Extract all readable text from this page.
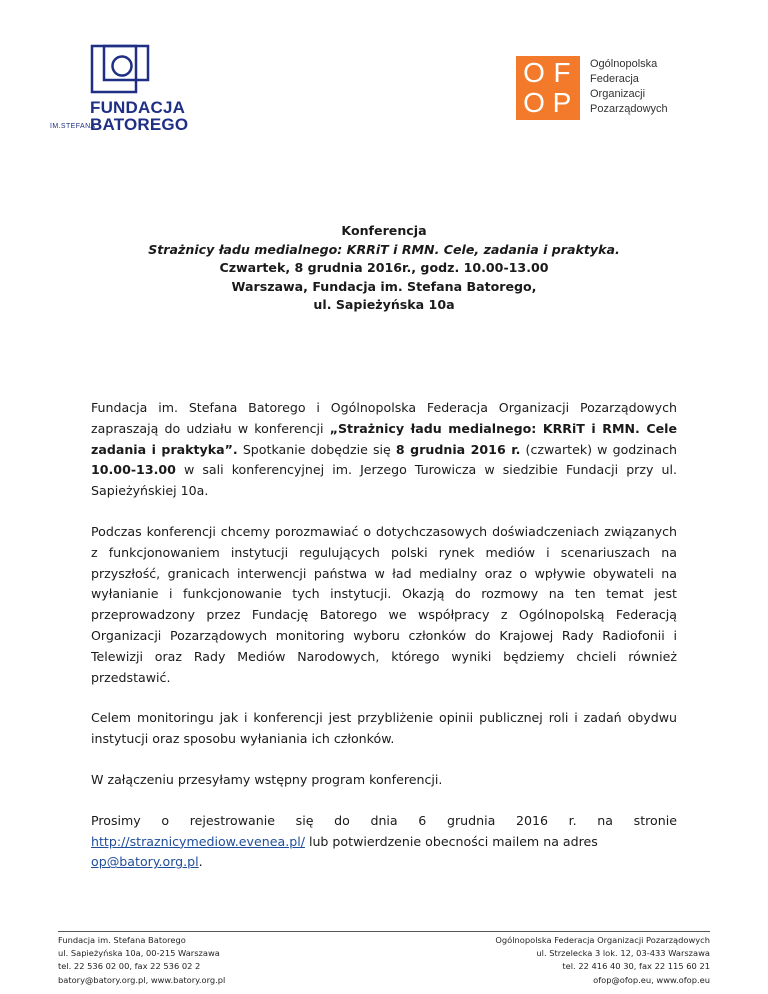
FUNDACJA
IM.STEFANA
BATOREGO
O F
O P
Ogólnopolska
Federacja
Organizacji
Pozarządowych
Konferencja
Strażnicy ładu medialnego: KRRiT i RMN. Cele, zadania i praktyka.
Czwartek, 8 grudnia 2016r., godz. 10.00-13.00
Warszawa, Fundacja im. Stefana Batorego,
ul. Sapieżyńska 10a

Fundacja im. Stefana Batorego i Ogólnopolska Federacja Organizacji Pozarządowych zapraszają do udziału w konferencji „Strażnicy ładu medialnego: KRRiT i RMN. Cele zadania i praktyka”. Spotkanie dobędzie się 8 grudnia 2016 r. (czwartek) w godzinach 10.00-13.00 w sali konferencyjnej im. Jerzego Turowicza w siedzibie Fundacji przy ul. Sapieżyńskiej 10a.

Podczas konferencji chcemy porozmawiać o dotychczasowych doświadczeniach związanych z funkcjonowaniem instytucji regulujących polski rynek mediów i scenariuszach na przyszłość, granicach interwencji państwa w ład medialny oraz o wpływie obywateli na wyłanianie i funkcjonowanie tych instytucji. Okazją do rozmowy na ten temat jest przeprowadzony przez Fundację Batorego we współpracy z Ogólnopolską Federacją Organizacji Pozarządowych monitoring wyboru członków do Krajowej Rady Radiofonii i Telewizji oraz Rady Mediów Narodowych, którego wyniki będziemy chcieli również przedstawić.

Celem monitoringu jak i konferencji jest przybliżenie opinii publicznej roli i zadań obydwu instytucji oraz sposobu wyłaniania ich członków.

W załączeniu przesyłamy wstępny program konferencji.

Prosimy o rejestrowanie się do dnia 6 grudnia 2016 r. na stronie
http://straznicymediow.evenea.pl/ lub potwierdzenie obecności mailem na adres
op@batory.org.pl.

Fundacja im. Stefana Batorego
ul. Sapieżyńska 10a, 00-215 Warszawa
tel. 22 536 02 00, fax 22 536 02 2
batory@batory.org.pl, www.batory.org.pl
Ogólnopolska Federacja Organizacji Pozarządowych
ul. Strzelecka 3 lok. 12, 03-433 Warszawa
tel. 22 416 40 30, fax 22 115 60 21
ofop@ofop.eu, www.ofop.eu
